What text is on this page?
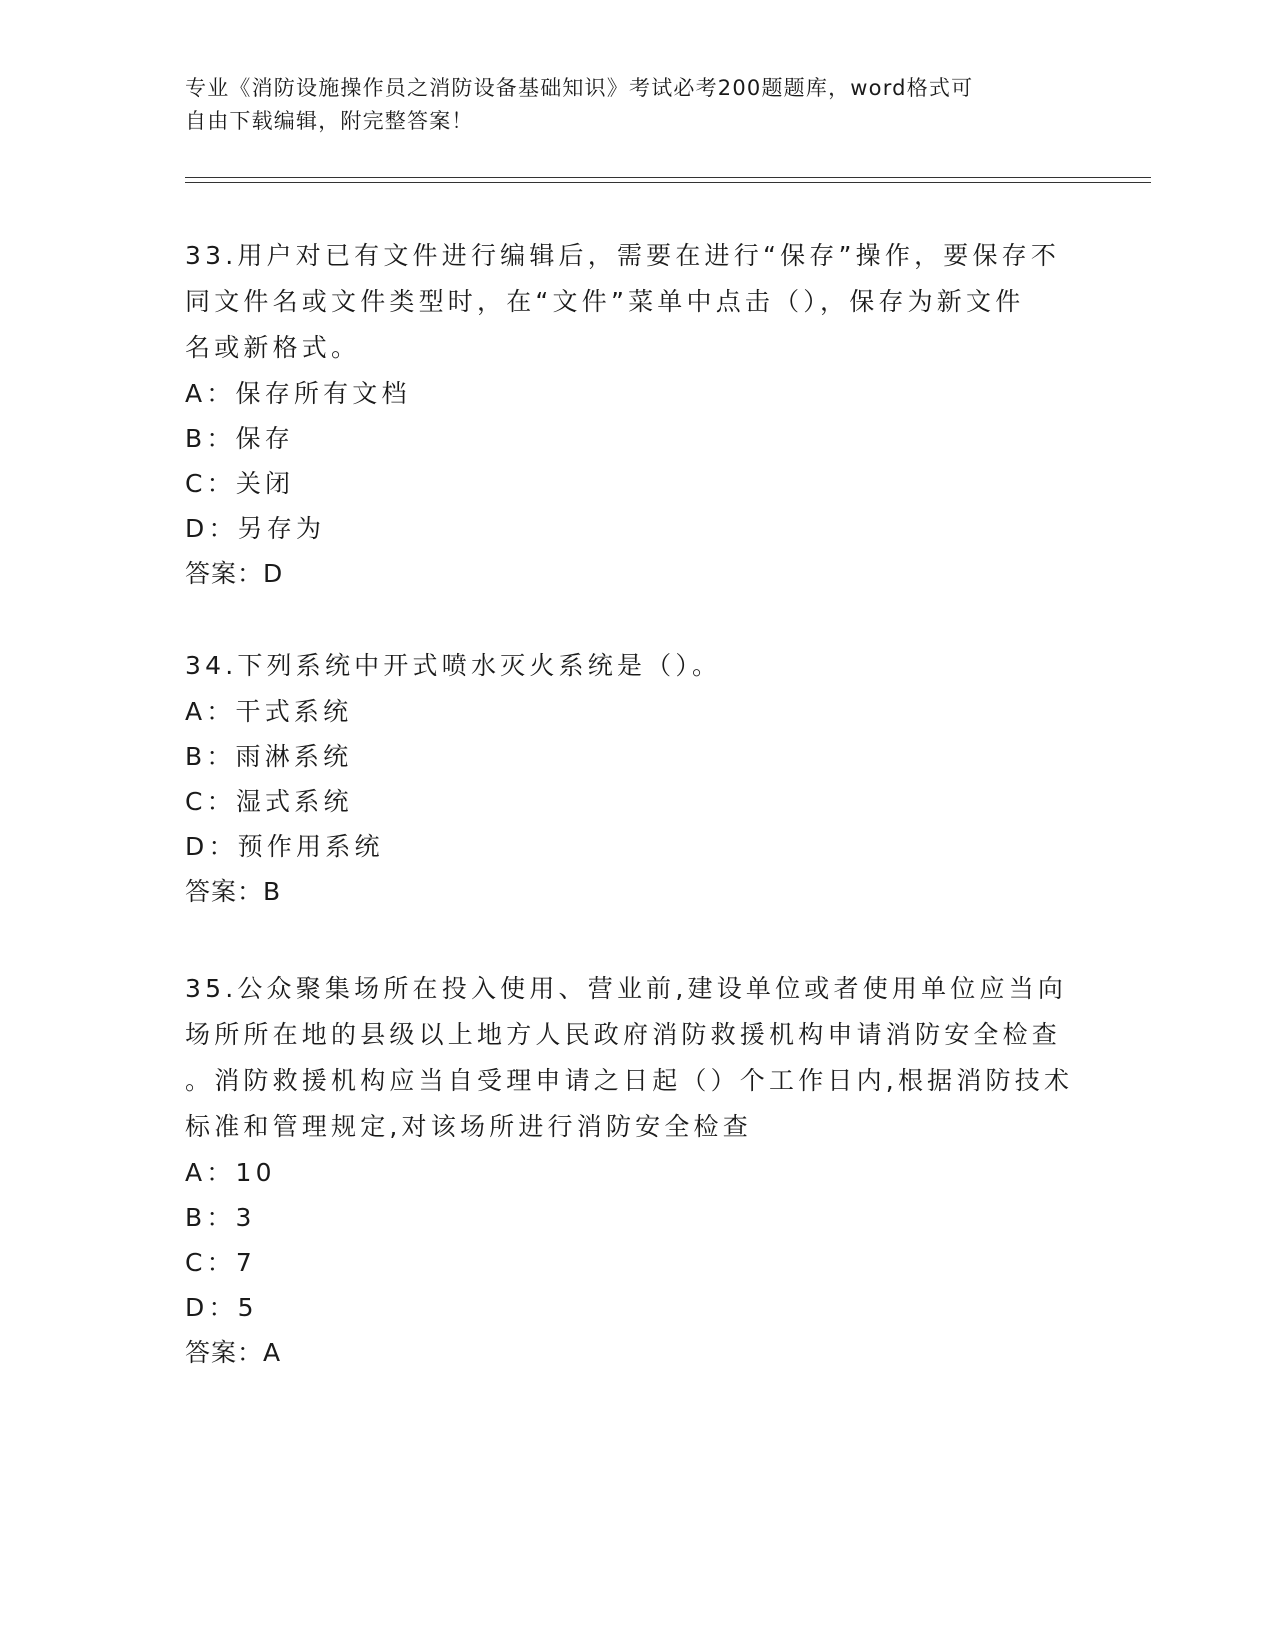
专业《消防设施操作员之消防设备基础知识》考试必考200题题库，word格式可
自由下载编辑，附完整答案！
33.用户对已有文件进行编辑后，需要在进行“保存”操作，要保存不
同文件名或文件类型时，在“文件”菜单中点击（），保存为新文件
名或新格式。
A：保存所有文档
B：保存
C：关闭
D：另存为
答案：D
34.下列系统中开式喷水灭火系统是（）。
A：干式系统
B：雨淋系统
C：湿式系统
D：预作用系统
答案：B
35.公众聚集场所在投入使用、营业前,建设单位或者使用单位应当向
场所所在地的县级以上地方人民政府消防救援机构申请消防安全检查
。消防救援机构应当自受理申请之日起（）个工作日内,根据消防技术
标准和管理规定,对该场所进行消防安全检查
A：10
B：3
C：7
D：5
答案：A
